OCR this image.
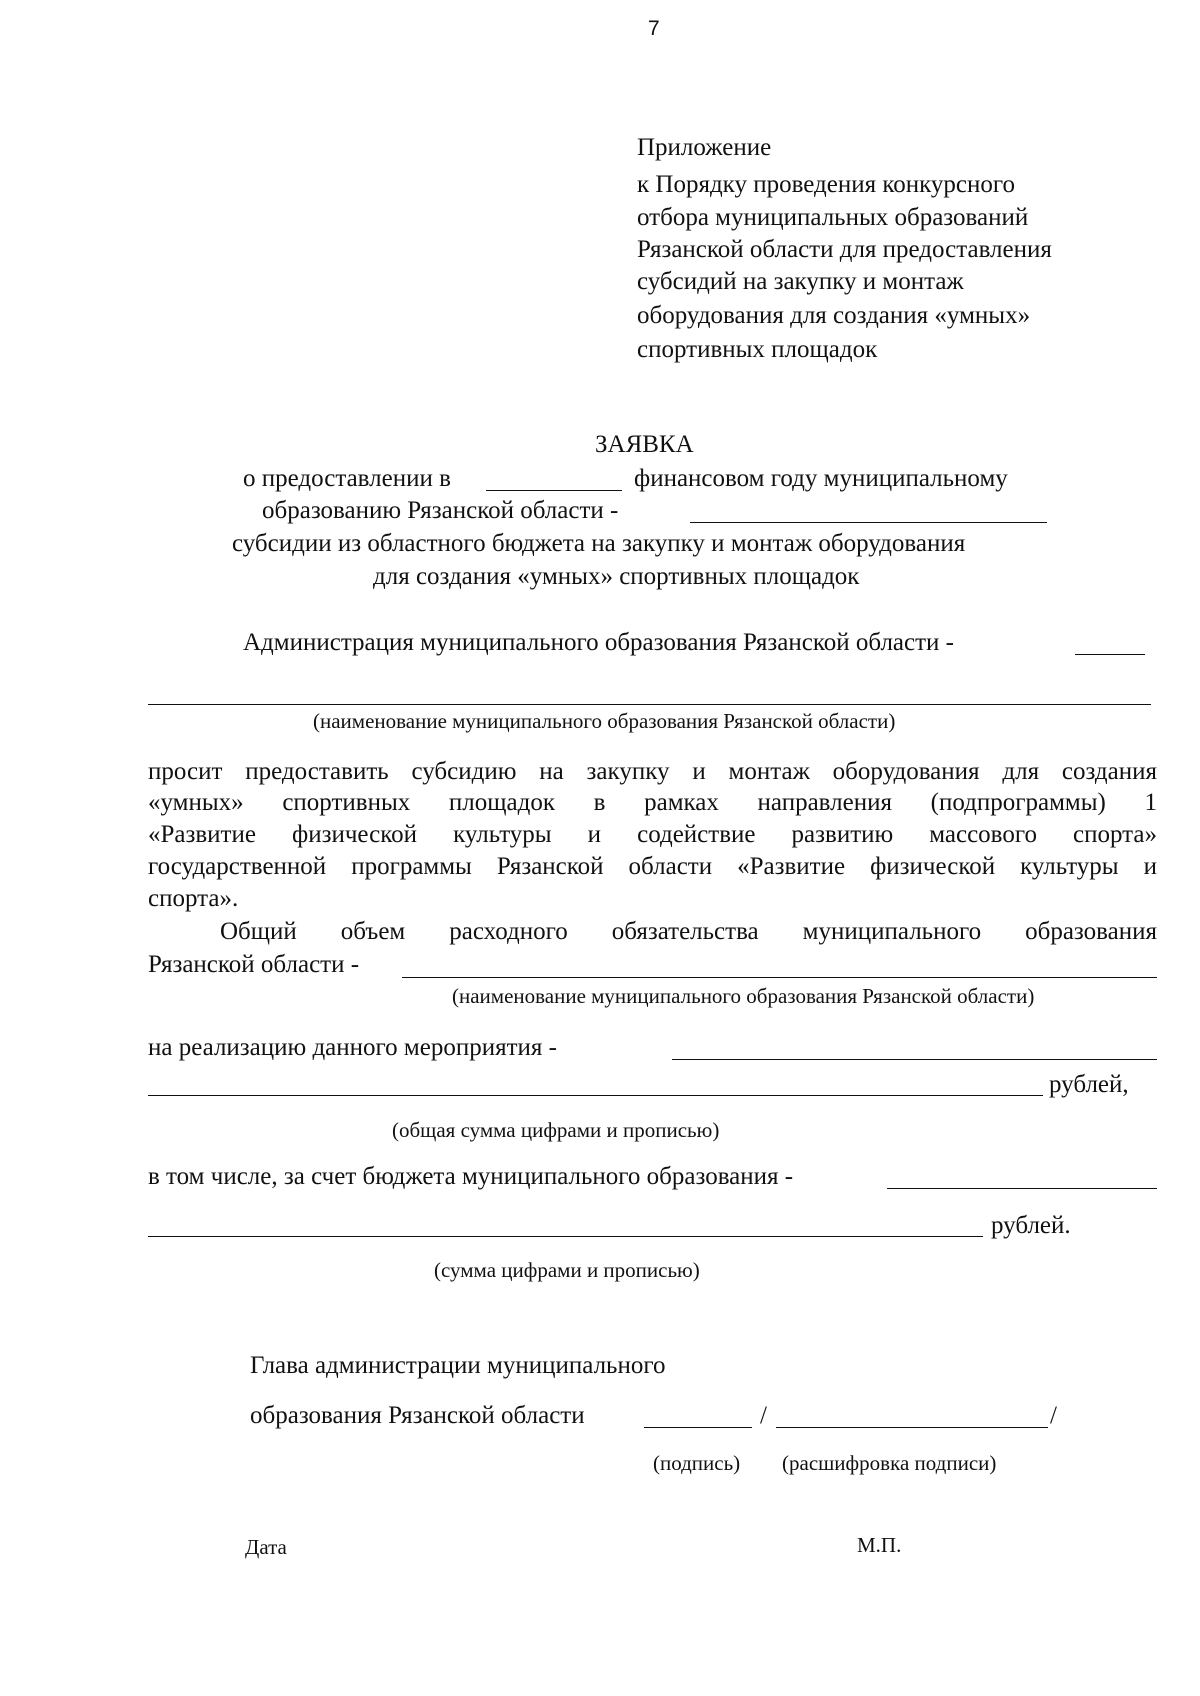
7
Приложение
к Порядку проведения конкурсного
отбора муниципальных образований
Рязанской области для предоставления
субсидий на закупку и монтаж
оборудования для создания «умных»
спортивных площадок
ЗАЯВКА
о предоставлении в	финансовом году муниципальному
образованию Рязанской области -
субсидии из областного бюджета на закупку и монтаж оборудования
для создания «умных» спортивных площадок
Администрация муниципального образования Рязанской области -
(наименование муниципального образования Рязанской области)
просит предоставить субсидию на закупку и монтаж оборудования для создания
«умных» спортивных площадок в рамках направления (подпрограммы) 1
«Развитие физической культуры и содействие развитию массового спорта»
государственной программы Рязанской области «Развитие физической культуры и
спорта».
Общий объем расходного обязательства муниципального образования
Рязанской области -
(наименование муниципального образования Рязанской области)
на реализацию данного мероприятия -
рублей,
(общая сумма цифрами и прописью)
в том числе, за счет бюджета муниципального образования -
рублей.
(сумма цифрами и прописью)
Глава администрации муниципального
образования Рязанской области	/	/
(подпись) (расшифровка подписи)
Дата	М.П.
